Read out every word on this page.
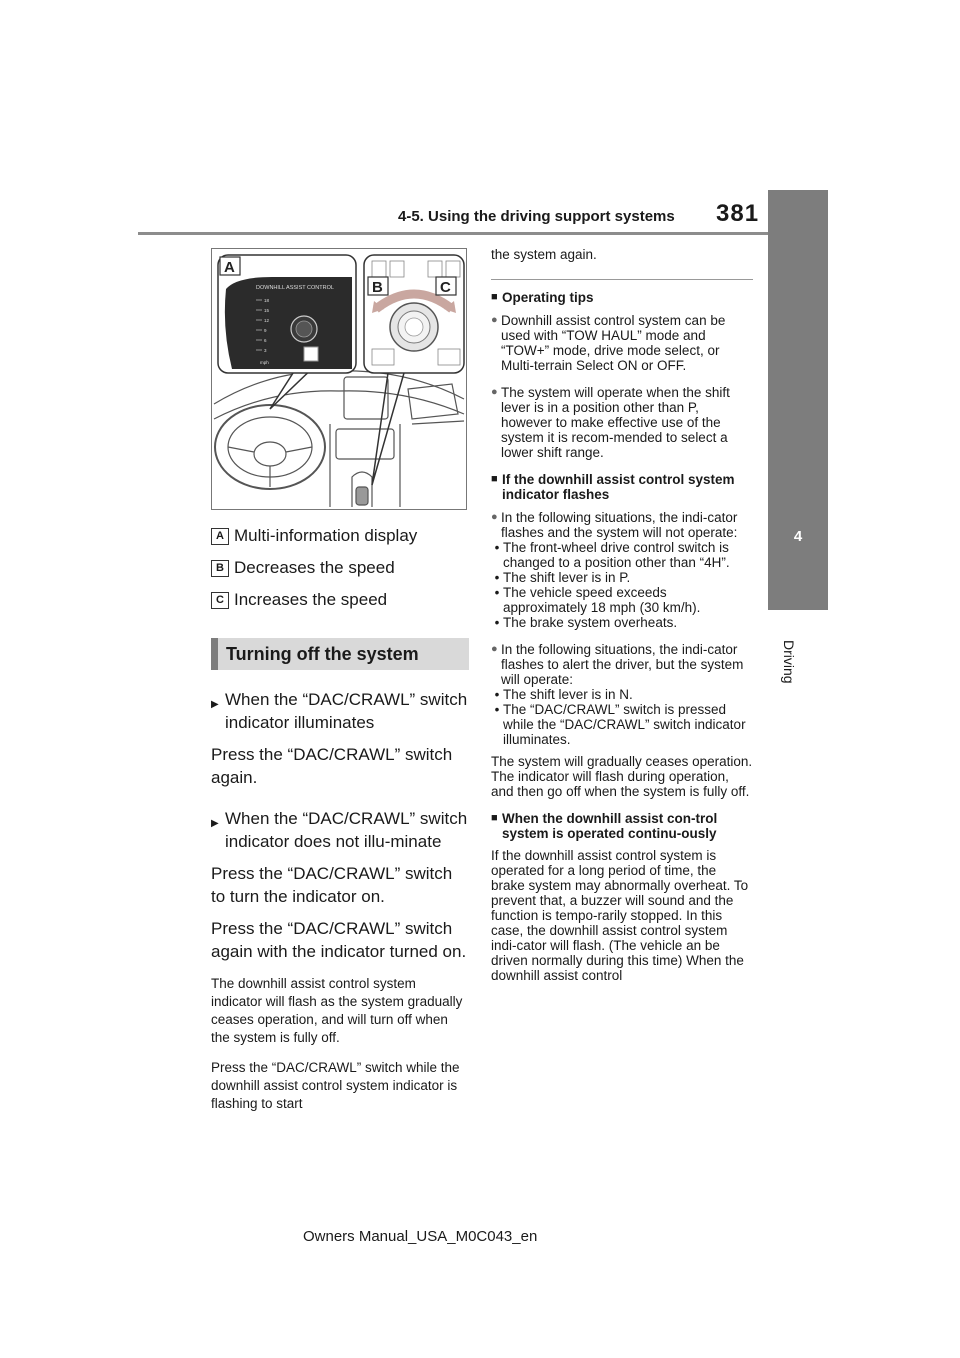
4-5. Using the driving support systems 381
4
Driving
DOWNHILL ASSIST CONTROL
18
15
12
9
6
3
mph
A
B	C
A Multi-information display
B Decreases the speed
C Increases the speed
Turning off the system
▶ When the “DAC/CRAWL” switch indicator illuminates
Press the “DAC/CRAWL” switch again.
▶ When the “DAC/CRAWL” switch indicator does not illu-minate
Press the “DAC/CRAWL” switch to turn the indicator on.
Press the “DAC/CRAWL” switch again with the indicator turned on.
The downhill assist control system indicator will flash as the system gradually ceases operation, and will turn off when the system is fully off.
Press the “DAC/CRAWL” switch while the downhill assist control system indicator is flashing to start
the system again.
■ Operating tips
● Downhill assist control system can be used with “TOW HAUL” mode and “TOW+” mode, drive mode select, or Multi-terrain Select ON or OFF.
● The system will operate when the shift lever is in a position other than P, however to make effective use of the system it is recom-mended to select a lower shift range.
■ If the downhill assist control system indicator flashes
● In the following situations, the indi-cator flashes and the system will not operate:
• The front-wheel drive control switch is changed to a position other than “4H”.
• The shift lever is in P.
• The vehicle speed exceeds approximately 18 mph (30 km/h).
• The brake system overheats.
● In the following situations, the indi-cator flashes to alert the driver, but the system will operate:
• The shift lever is in N.
• The “DAC/CRAWL” switch is pressed while the “DAC/CRAWL” switch indicator illuminates.
The system will gradually ceases operation. The indicator will flash during operation, and then go off when the system is fully off.
■ When the downhill assist con-trol system is operated continu-ously
If the downhill assist control system is operated for a long period of time, the brake system may abnormally overheat. To prevent that, a buzzer will sound and the function is tempo-rarily stopped. In this case, the downhill assist control system indi-cator will flash. (The vehicle an be driven normally during this time) When the downhill assist control
Owners Manual_USA_M0C043_en
